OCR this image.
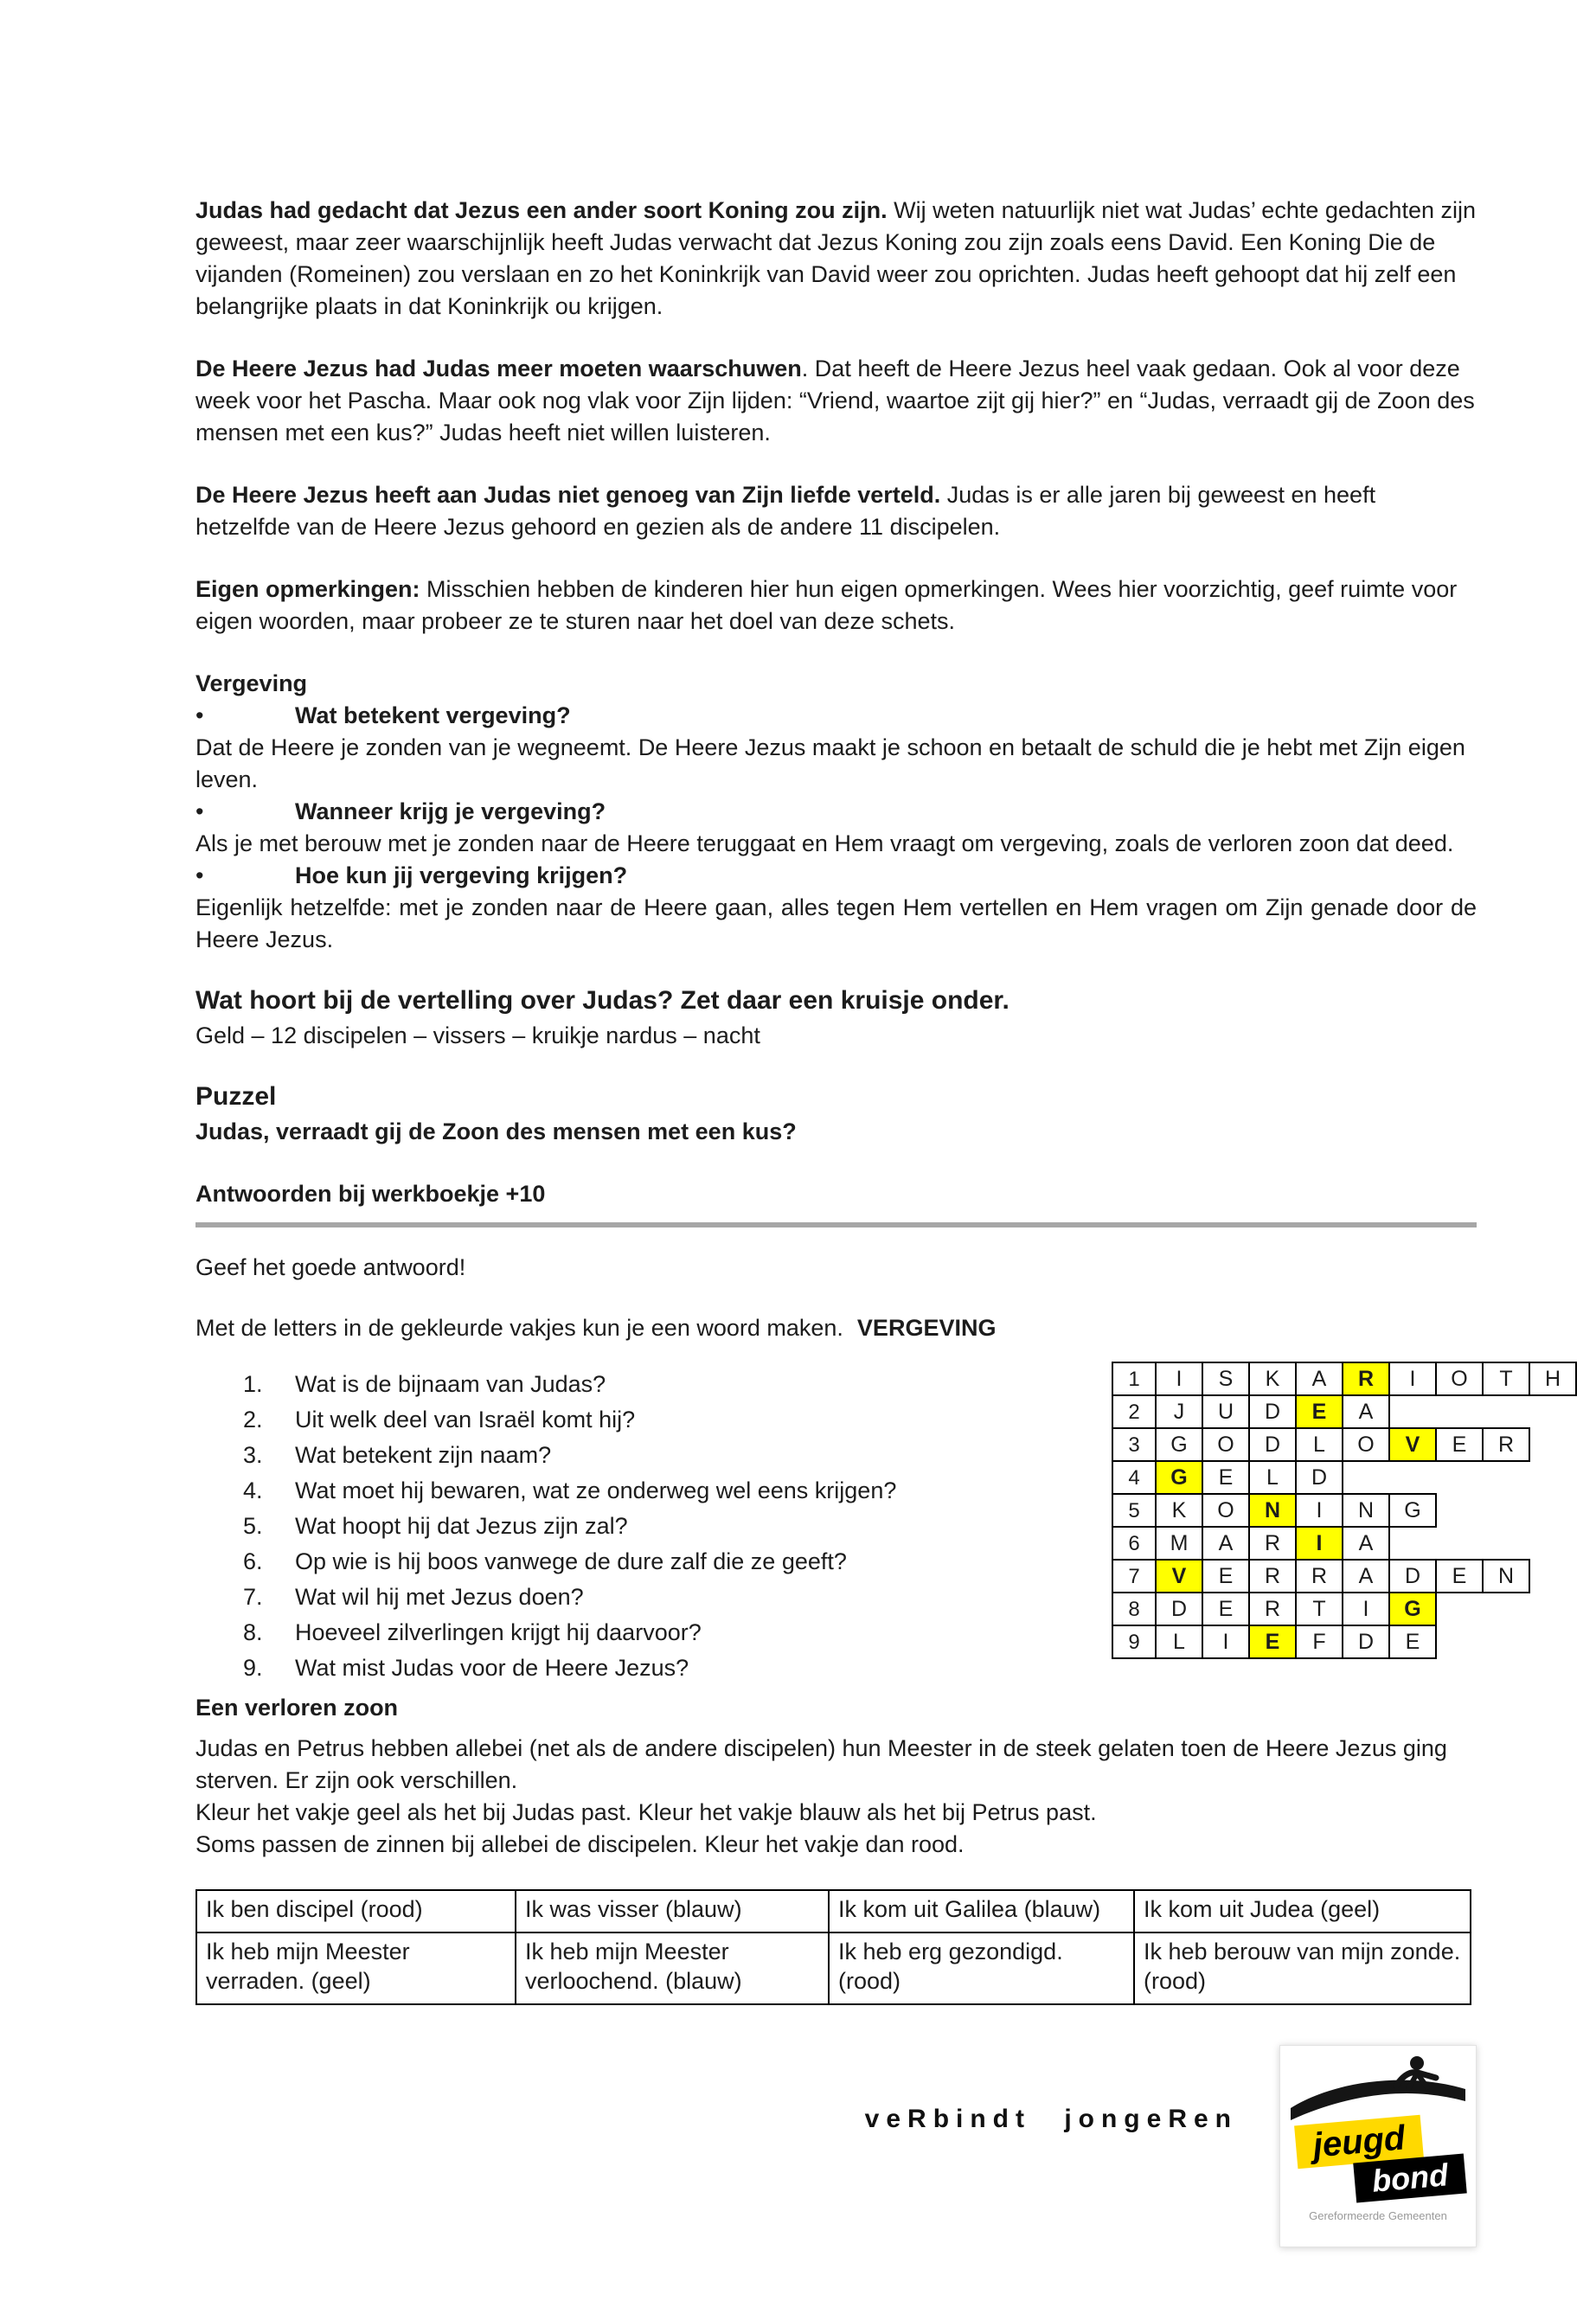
Judas had gedacht dat Jezus een ander soort Koning zou zijn. Wij weten natuurlijk niet wat Judas’ echte gedachten zijn geweest, maar zeer waarschijnlijk heeft Judas verwacht dat Jezus Koning zou zijn zoals eens David. Een Koning Die de vijanden (Romeinen) zou verslaan en zo het Koninkrijk van David weer zou oprichten. Judas heeft gehoopt dat hij zelf een belangrijke plaats in dat Koninkrijk ou krijgen.

De Heere Jezus had Judas meer moeten waarschuwen. Dat heeft de Heere Jezus heel vaak gedaan. Ook al voor deze week voor het Pascha. Maar ook nog vlak voor Zijn lijden: “Vriend, waartoe zijt gij hier?” en “Judas, verraadt gij de Zoon des mensen met een kus?” Judas heeft niet willen luisteren.

De Heere Jezus heeft aan Judas niet genoeg van Zijn liefde verteld. Judas is er alle jaren bij geweest en heeft hetzelfde van de Heere Jezus gehoord en gezien als de andere 11 discipelen.

Eigen opmerkingen: Misschien hebben de kinderen hier hun eigen opmerkingen. Wees hier voorzichtig, geef ruimte voor eigen woorden, maar probeer ze te sturen naar het doel van deze schets.

Vergeving
•	Wat betekent vergeving?

Dat de Heere je zonden van je wegneemt. De Heere Jezus maakt je schoon en betaalt de schuld die je hebt met Zijn eigen leven.

•	Wanneer krijg je vergeving?

Als je met berouw met je zonden naar de Heere teruggaat en Hem vraagt om vergeving, zoals de verloren zoon dat deed.

•	Hoe kun jij vergeving krijgen?

Eigenlijk hetzelfde: met je zonden naar de Heere gaan, alles tegen Hem vertellen en Hem vragen om Zijn genade door de Heere Jezus.

Wat hoort bij de vertelling over Judas? Zet daar een kruisje onder.

Geld – 12 discipelen – vissers – kruikje nardus – nacht

Puzzel

Judas, verraadt gij de Zoon des mensen met een kus?

Antwoorden bij werkboekje +10

Geef het goede antwoord!

Met de letters in de gekleurde vakjes kun je een woord maken. VERGEVING

1. Wat is de bijnaam van Judas?
2. Uit welk deel van Israël komt hij?
3. Wat betekent zijn naam?
4. Wat moet hij bewaren, wat ze onderweg wel eens krijgen?
5. Wat hoopt hij dat Jezus zijn zal?
6. Op wie is hij boos vanwege de dure zalf die ze geeft?
7. Wat wil hij met Jezus doen?
8. Hoeveel zilverlingen krijgt hij daarvoor?
9. Wat mist Judas voor de Heere Jezus?
1	I	S	K	A	R	I	O	T	H
2	J	U	D	E	A				
3	G	O	D	L	O	V	E	R	
4	G	E	L	D					
5	K	O	N	I	N	G			
6	M	A	R	I	A				
7	V	E	R	R	A	D	E	N	
8	D	E	R	T	I	G			
9	L	I	E	F	D	E			
Een verloren zoon
Judas en Petrus hebben allebei (net als de andere discipelen) hun Meester in de steek gelaten toen de Heere Jezus ging sterven. Er zijn ook verschillen.
Kleur het vakje geel als het bij Judas past. Kleur het vakje blauw als het bij Petrus past.
Soms passen de zinnen bij allebei de discipelen. Kleur het vakje dan rood.
Ik ben discipel (rood)	Ik was visser (blauw)	Ik kom uit Galilea (blauw)	Ik kom uit Judea (geel)
Ik heb mijn Meester verraden. (geel)	Ik heb mijn Meester verloochend. (blauw)	Ik heb erg gezondigd. (rood)	Ik heb berouw van mijn zonde. (rood)
veRbindt jongeRen	jeugd
bond
Gereformeerde Gemeenten
